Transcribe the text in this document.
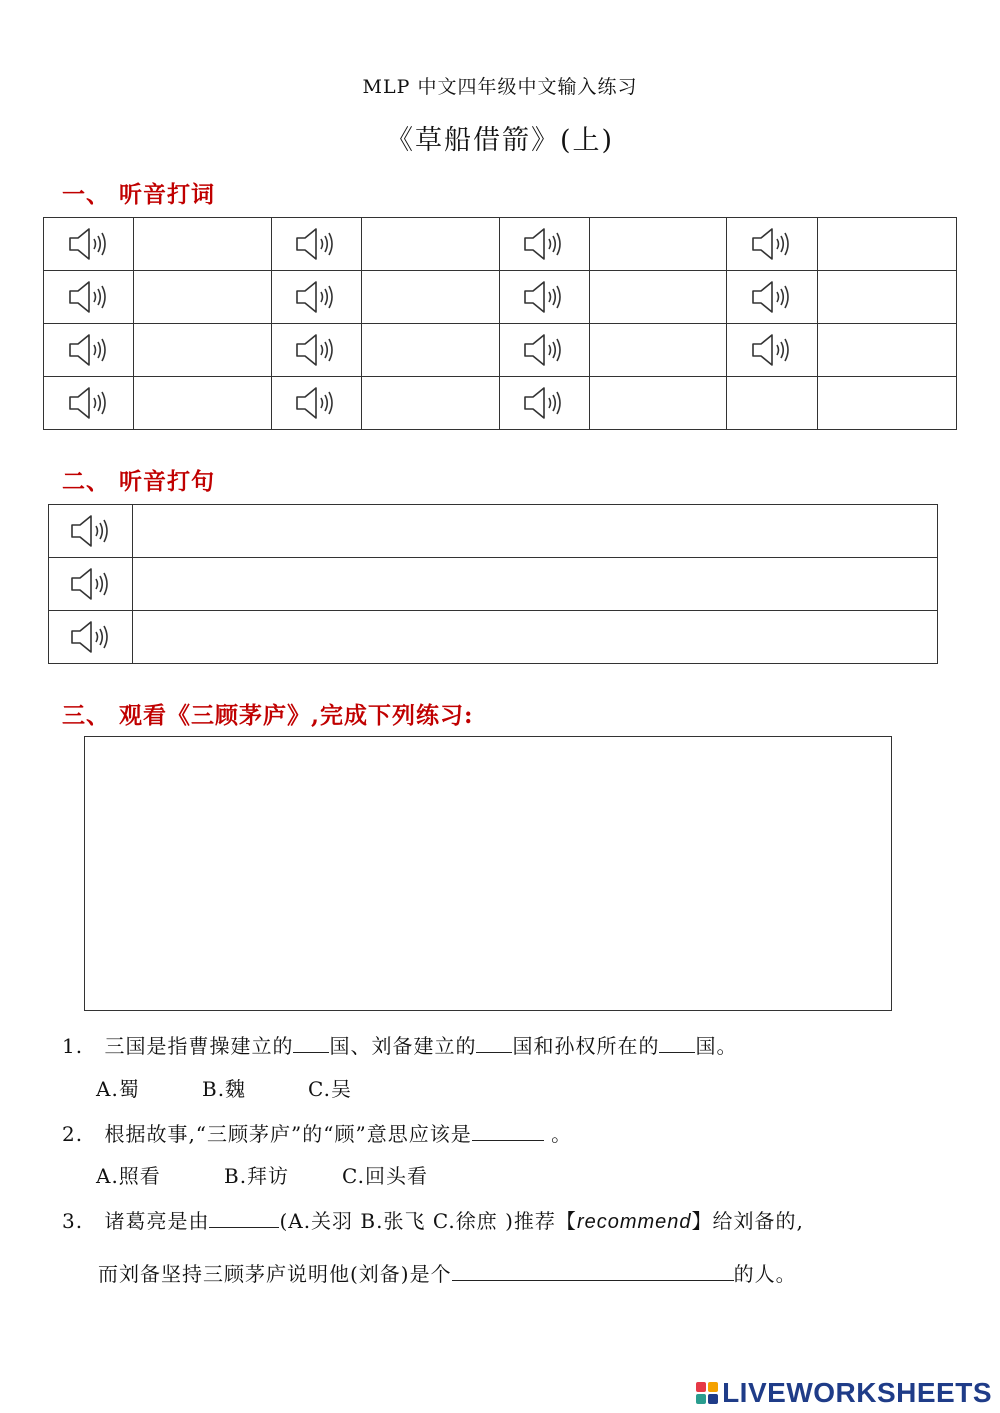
MLP 中文四年级中文输入练习
《草船借箭》(上)
一、 听音打词

二、 听音打句

三、 观看《三顾茅庐》,完成下列练习:
1. 三国是指曹操建立的 国、刘备建立的 国和孙权所在的 国。
A.蜀	B.魏	C.吴
2. 根据故事,“三顾茅庐”的“顾”意思应该是	。
A.照看	B.拜访	C.回头看
3. 诸葛亮是由	(A.关羽 B.张飞 C.徐庶 )推荐【recommend】给刘备的,
而刘备坚持三顾茅庐说明他(刘备)是个	的人。
LIVEWORKSHEETS
